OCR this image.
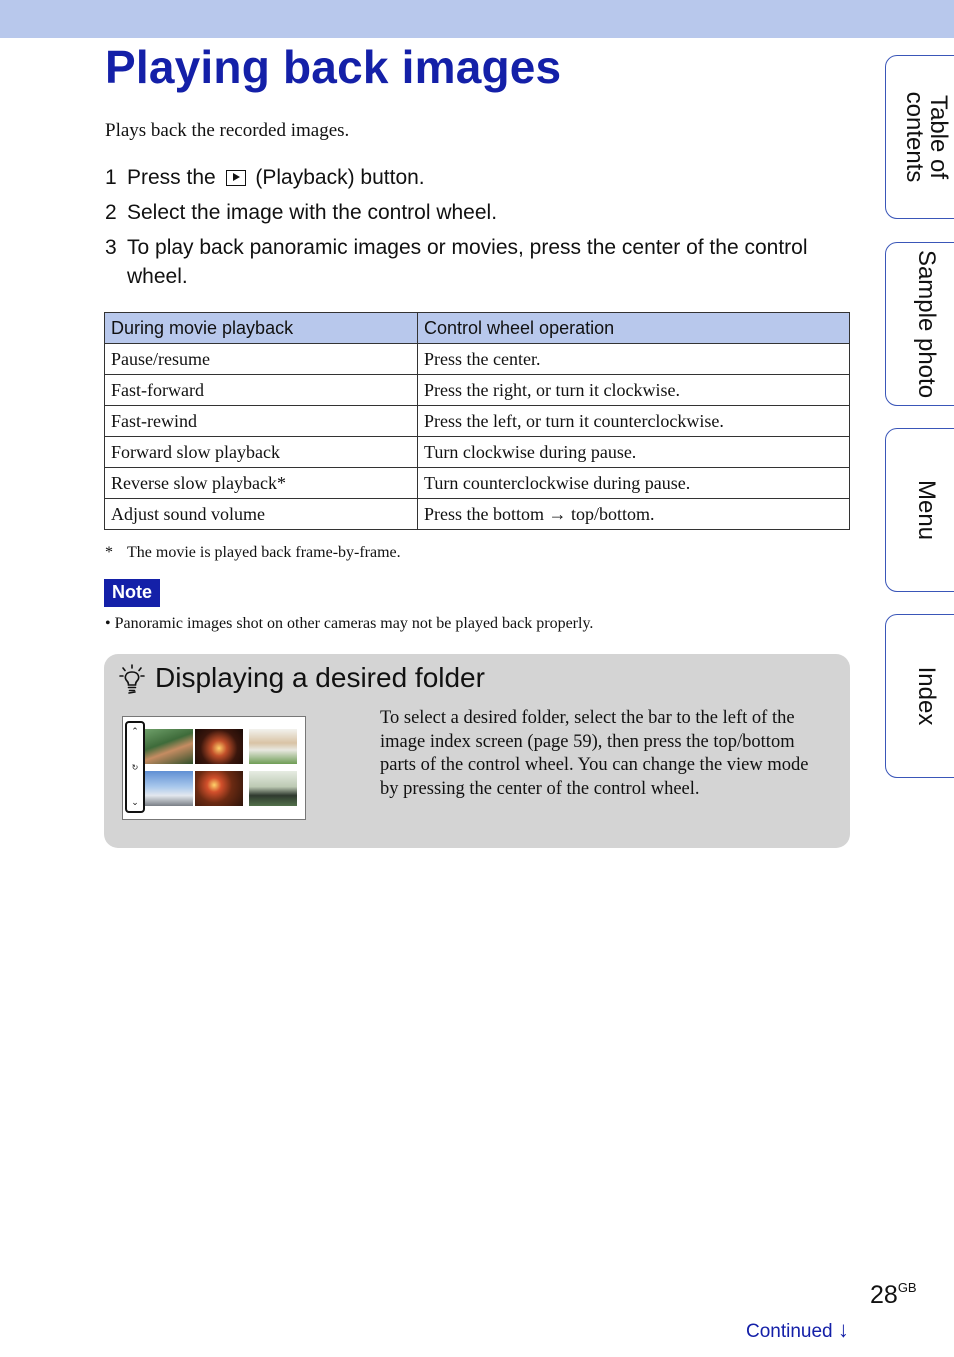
Playing back images
Plays back the recorded images.
1 Press the  (Playback) button.
2 Select the image with the control wheel.
3 To play back panoramic images or movies, press the center of the control wheel.
During movie playback	Control wheel operation
Pause/resume	Press the center.
Fast-forward	Press the right, or turn it clockwise.
Fast-rewind	Press the left, or turn it counterclockwise.
Forward slow playback	Turn clockwise during pause.
Reverse slow playback*	Turn counterclockwise during pause.
Adjust sound volume	Press the bottom → top/bottom.
* The movie is played back frame-by-frame.
Note
• Panoramic images shot on other cameras may not be played back properly.
Displaying a desired folder
⌃
↻
⌄
To select a desired folder, select the bar to the left of the image index screen (page 59), then press the top/bottom parts of the control wheel. You can change the view mode by pressing the center of the control wheel.
Table of contents
Sample photo
Menu
Index
$28^{GB}$
Continued ↓
